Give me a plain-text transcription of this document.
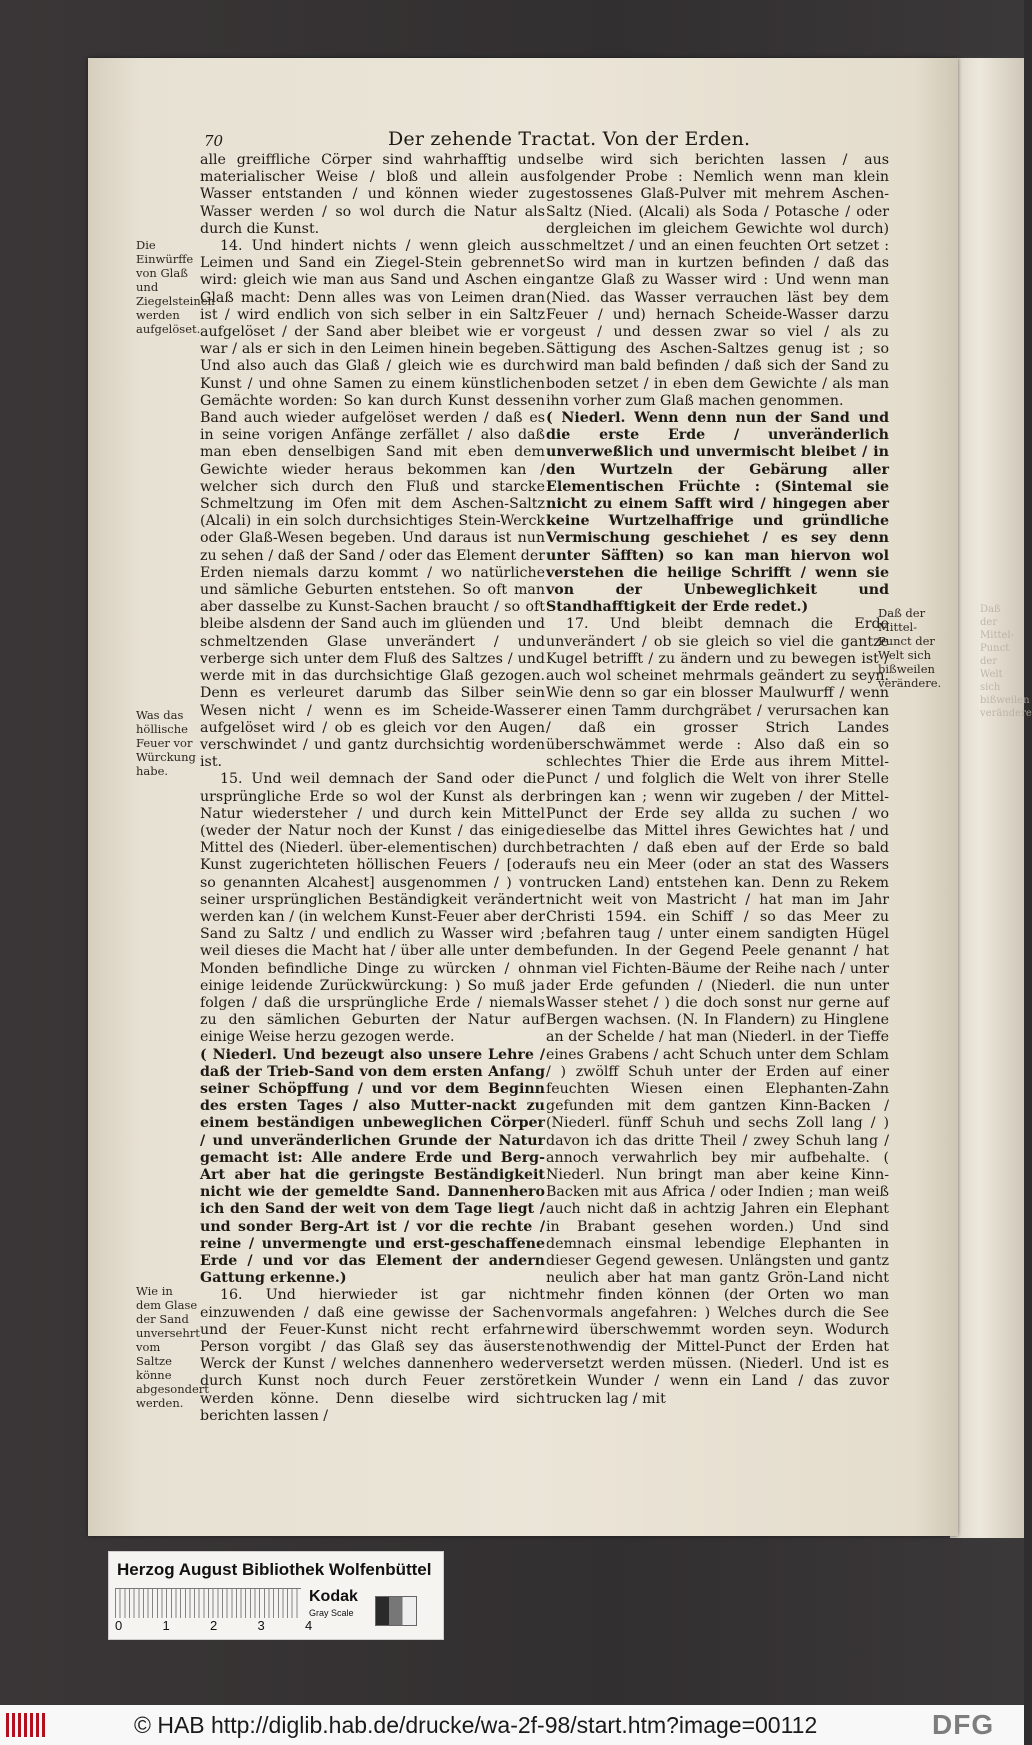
Daß der Mittel-Punct der Welt sich bißweilen verändere
70	Der zehende Tractat. Von der Erden.

alle greiffliche Cörper sind wahrhafftig und materialischer Weise / bloß und allein aus Wasser entstanden / und können wieder zu Wasser werden / so wol durch die Natur als durch die Kunst.

14. Und hindert nichts / wenn gleich aus Leimen und Sand ein Ziegel-Stein gebrennet wird: gleich wie man aus Sand und Aschen ein Glaß macht: Denn alles was von Leimen dran ist / wird endlich von sich selber in ein Saltz aufgelöset / der Sand aber bleibet wie er vor war / als er sich in den Leimen hinein begeben. Und also auch das Glaß / gleich wie es durch Kunst / und ohne Samen zu einem künstlichen Gemächte worden: So kan durch Kunst dessen Band auch wieder aufgelöset werden / daß es in seine vorigen Anfänge zerfället / also daß man eben denselbigen Sand mit eben dem Gewichte wieder heraus bekommen kan / welcher sich durch den Fluß und starcke Schmeltzung im Ofen mit dem Aschen-Saltz (Alcali) in ein solch durchsichtiges Stein-Werck oder Glaß-Wesen begeben. Und daraus ist nun zu sehen / daß der Sand / oder das Element der Erden niemals darzu kommt / wo natürliche und sämliche Geburten entstehen. So oft man aber dasselbe zu Kunst-Sachen braucht / so oft bleibe alsdenn der Sand auch im glüenden und schmeltzenden Glase unverändert / und verberge sich unter dem Fluß des Saltzes / und werde mit in das durchsichtige Glaß gezogen. Denn es verleuret darumb das Silber sein Wesen nicht / wenn es im Scheide-Wasser aufgelöset wird / ob es gleich vor den Augen verschwindet / und gantz durchsichtig worden ist.

15. Und weil demnach der Sand oder die ursprüngliche Erde so wol der Kunst als der Natur wiedersteher / und durch kein Mittel (weder der Natur noch der Kunst / das einige Mittel des (Niederl. über-elementischen) durch Kunst zugerichteten höllischen Feuers / [oder so genannten Alcahest] ausgenommen / ) von seiner ursprünglichen Beständigkeit verändert werden kan / (in welchem Kunst-Feuer aber der Sand zu Saltz / und endlich zu Wasser wird ; weil dieses die Macht hat / über alle unter dem Monden befindliche Dinge zu würcken / ohn einige leidende Zurückwürckung: ) So muß ja folgen / daß die ursprüngliche Erde / niemals zu den sämlichen Geburten der Natur auf einige Weise herzu gezogen werde.

( Niederl. Und bezeugt also unsere Lehre / daß der Trieb-Sand von dem ersten Anfang seiner Schöpffung / und vor dem Beginn des ersten Tages / also Mutter-nackt zu einem beständigen unbeweglichen Cörper / und unveränderlichen Grunde der Natur gemacht ist: Alle andere Erde und Berg-Art aber hat die geringste Beständigkeit nicht wie der gemeldte Sand. Dannenhero ich den Sand der weit von dem Tage liegt / und sonder Berg-Art ist / vor die rechte / reine / unvermengte und erst-geschaffene Erde / und vor das Element der andern Gattung erkenne.)

16. Und hierwieder ist gar nicht einzuwenden / daß eine gewisse der Sachen und der Feuer-Kunst nicht recht erfahrne Person vorgibt / das Glaß sey das äuserste Werck der Kunst / welches dannenhero weder durch Kunst noch durch Feuer zerstöret werden könne. Denn dieselbe wird sich berichten lassen /

selbe wird sich berichten lassen / aus folgender Probe : Nemlich wenn man klein gestossenes Glaß-Pulver mit mehrem Aschen-Saltz (Nied. (Alcali) als Soda / Potasche / oder dergleichen im gleichem Gewichte wol durch) schmeltzet / und an einen feuchten Ort setzet : So wird man in kurtzen befinden / daß das gantze Glaß zu Wasser wird : Und wenn man (Nied. das Wasser verrauchen läst bey dem Feuer / und) hernach Scheide-Wasser darzu geust / und dessen zwar so viel / als zu Sättigung des Aschen-Saltzes genug ist ; so wird man bald befinden / daß sich der Sand zu boden setzet / in eben dem Gewichte / als man ihn vorher zum Glaß machen genommen.

( Niederl. Wenn denn nun der Sand und die erste Erde / unveränderlich unverweßlich und unvermischt bleibet / in den Wurtzeln der Gebärung aller Elementischen Früchte : (Sintemal sie nicht zu einem Safft wird / hingegen aber keine Wurtzelhaffrige und gründliche Vermischung geschiehet / es sey denn unter Säfften) so kan man hiervon wol verstehen die heilige Schrifft / wenn sie von der Unbeweglichkeit und Standhafftigkeit der Erde redet.)

17. Und bleibt demnach die Erde unverändert / ob sie gleich so viel die gantze Kugel betrifft / zu ändern und zu bewegen ist / auch wol scheinet mehrmals geändert zu seyn. Wie denn so gar ein blosser Maulwurff / wenn er einen Tamm durchgräbet / verursachen kan / daß ein grosser Strich Landes überschwämmet werde : Also daß ein so schlechtes Thier die Erde aus ihrem Mittel-Punct / und folglich die Welt von ihrer Stelle bringen kan ; wenn wir zugeben / der Mittel-Punct der Erde sey allda zu suchen / wo dieselbe das Mittel ihres Gewichtes hat / und betrachten / daß eben auf der Erde so bald aufs neu ein Meer (oder an stat des Wassers trucken Land) entstehen kan. Denn zu Rekem nicht weit von Mastricht / hat man im Jahr Christi 1594. ein Schiff / so das Meer zu befahren taug / unter einem sandigten Hügel befunden. In der Gegend Peele genannt / hat man viel Fichten-Bäume der Reihe nach / unter der Erde gefunden / (Niederl. die nun unter Wasser stehet / ) die doch sonst nur gerne auf Bergen wachsen. (N. In Flandern) zu Hinglene an der Schelde / hat man (Niederl. in der Tieffe eines Grabens / acht Schuch unter dem Schlam / ) zwölff Schuh unter der Erden auf einer feuchten Wiesen einen Elephanten-Zahn gefunden mit dem gantzen Kinn-Backen / (Niederl. fünff Schuh und sechs Zoll lang / ) davon ich das dritte Theil / zwey Schuh lang / annoch verwahrlich bey mir aufbehalte. ( Niederl. Nun bringt man aber keine Kinn-Backen mit aus Africa / oder Indien ; man weiß auch nicht daß in achtzig Jahren ein Elephant in Brabant gesehen worden.) Und sind demnach einsmal lebendige Elephanten in dieser Gegend gewesen. Unlängsten und gantz neulich aber hat man gantz Grön-Land nicht mehr finden können (der Orten wo man vormals angefahren: ) Welches durch die See wird überschwemmt worden seyn. Wodurch nothwendig der Mittel-Punct der Erden hat versetzt werden müssen. (Niederl. Und ist es kein Wunder / wenn ein Land / das zuvor trucken lag / mit

Die Einwürffe von Glaß und Ziegelsteinen werden aufgelöset.
Was das höllische Feuer vor Würckung habe.
Wie in dem Glase der Sand unversehrt vom Saltze könne abgesondert werden.
Daß der Mittel-Punct der Welt sich bißweilen verändere.
Herzog August Bibliothek Wolfenbüttel
0	1	2	3	4
Kodak
Gray Scale
© HAB http://diglib.hab.de/drucke/wa-2f-98/start.htm?image=00112	DFG
